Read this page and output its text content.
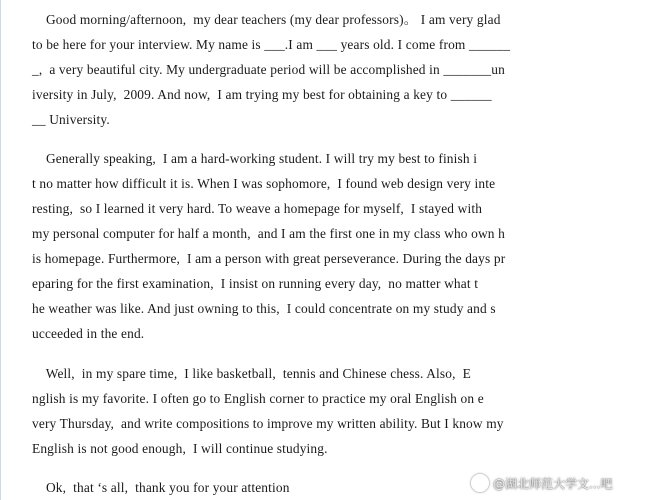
Good morning/afternoon,  my dear teachers (my dear professors)。 I am very glad
to be here for your interview. My name is ___.I am ___ years old. I come from ______
_,  a very beautiful city. My undergraduate period will be accomplished in _______un
iversity in July,  2009. And now,  I am trying my best for obtaining a key to ______
__ University.
Generally speaking,  I am a hard-working student. I will try my best to finish i
t no matter how difficult it is. When I was sophomore,  I found web design very inte
resting,  so I learned it very hard. To weave a homepage for myself,  I stayed with
my personal computer for half a month,  and I am the first one in my class who own h
is homepage. Furthermore,  I am a person with great perseverance. During the days pr
eparing for the first examination,  I insist on running every day,  no matter what t
he weather was like. And just owning to this,  I could concentrate on my study and s
ucceeded in the end.
Well,  in my spare time,  I like basketball,  tennis and Chinese chess. Also,  E
nglish is my favorite. I often go to English corner to practice my oral English on e
very Thursday,  and write compositions to improve my written ability. But I know my
English is not good enough,  I will continue studying.
Ok,  that ‘s all,  thank you for your attention	@湖北师范大学文...吧
